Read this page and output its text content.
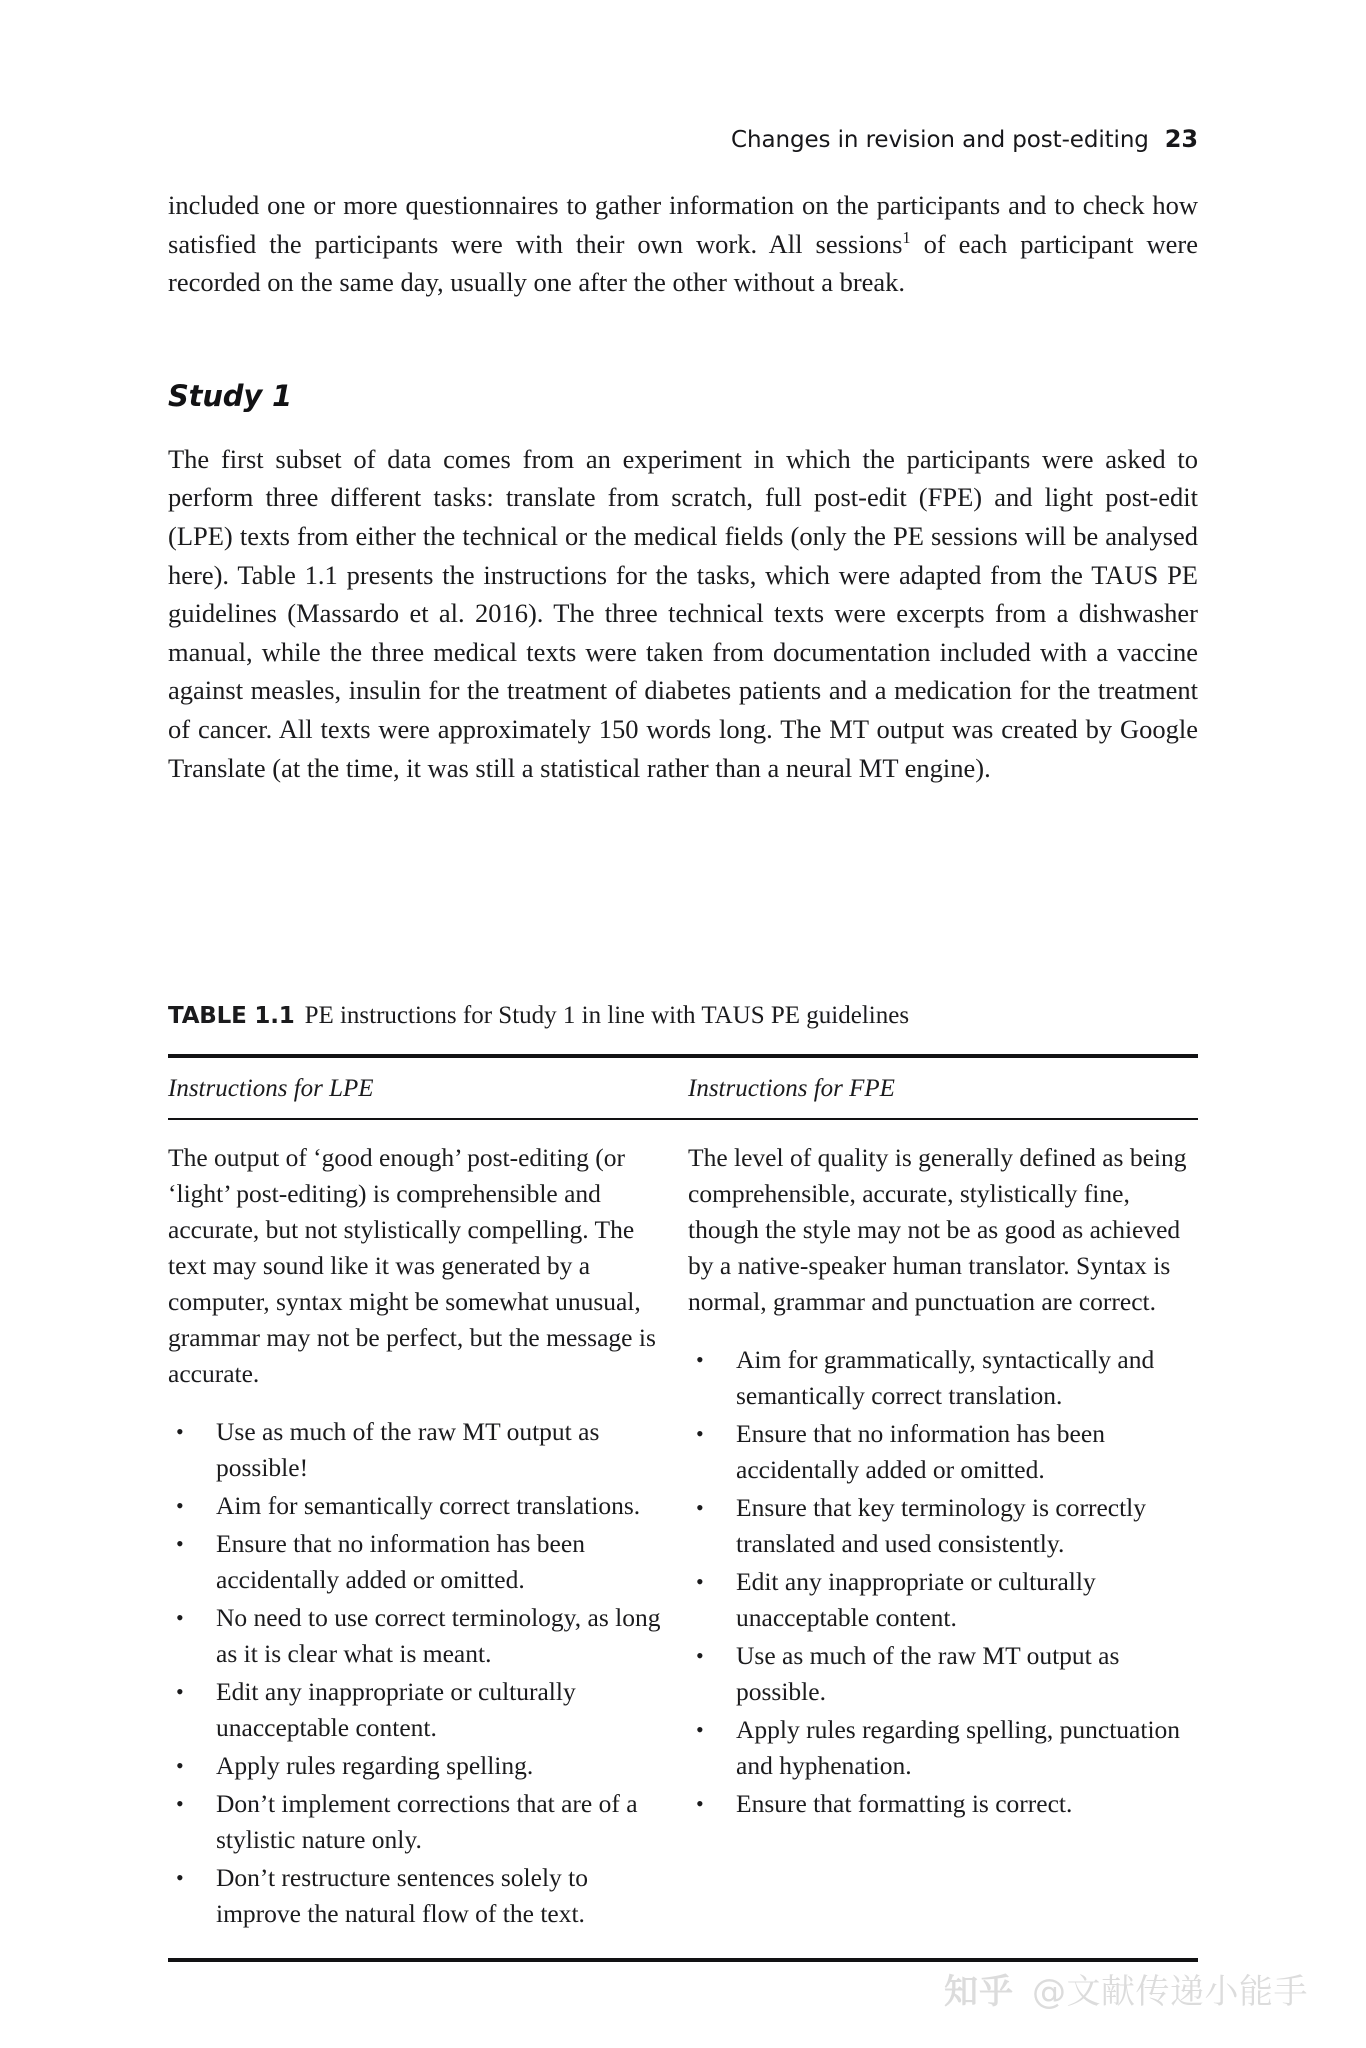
Changes in revision and post-editing 23

included one or more questionnaires to gather information on the participants and to check how satisfied the participants were with their own work. All sessions$^1$ of each participant were recorded on the same day, usually one after the other without a break.

Study 1

The first subset of data comes from an experiment in which the participants were asked to perform three different tasks: translate from scratch, full post-edit (FPE) and light post-edit (LPE) texts from either the technical or the medical fields (only the PE sessions will be analysed here). Table 1.1 presents the instructions for the tasks, which were adapted from the TAUS PE guidelines (Massardo et al. 2016). The three technical texts were excerpts from a dishwasher manual, while the three medical texts were taken from documentation included with a vaccine against measles, insulin for the treatment of diabetes patients and a medication for the treatment of cancer. All texts were approximately 150 words long. The MT output was created by Google Translate (at the time, it was still a statistical rather than a neural MT engine).

TABLE 1.1 PE instructions for Study 1 in line with TAUS PE guidelines
Instructions for LPE	Instructions for FPE

The output of ‘good enough’ post-editing (or ‘light’ post-editing) is comprehensible and accurate, but not stylistically compelling. The text may sound like it was generated by a computer, syntax might be somewhat unusual, grammar may not be perfect, but the message is accurate.

• Use as much of the raw MT output as possible!
• Aim for semantically correct translations.
• Ensure that no information has been accidentally added or omitted.
• No need to use correct terminology, as long as it is clear what is meant.
• Edit any inappropriate or culturally unacceptable content.
• Apply rules regarding spelling.
• Don’t implement corrections that are of a stylistic nature only.
• Don’t restructure sentences solely to improve the natural flow of the text.

The level of quality is generally defined as being comprehensible, accurate, stylistically fine, though the style may not be as good as achieved by a native-speaker human translator. Syntax is normal, grammar and punctuation are correct.

• Aim for grammatically, syntactically and semantically correct translation.
• Ensure that no information has been accidentally added or omitted.
• Ensure that key terminology is correctly translated and used consistently.
• Edit any inappropriate or culturally unacceptable content.
• Use as much of the raw MT output as possible.
• Apply rules regarding spelling, punctuation and hyphenation.
• Ensure that formatting is correct.
知乎 @文献传递小能手
